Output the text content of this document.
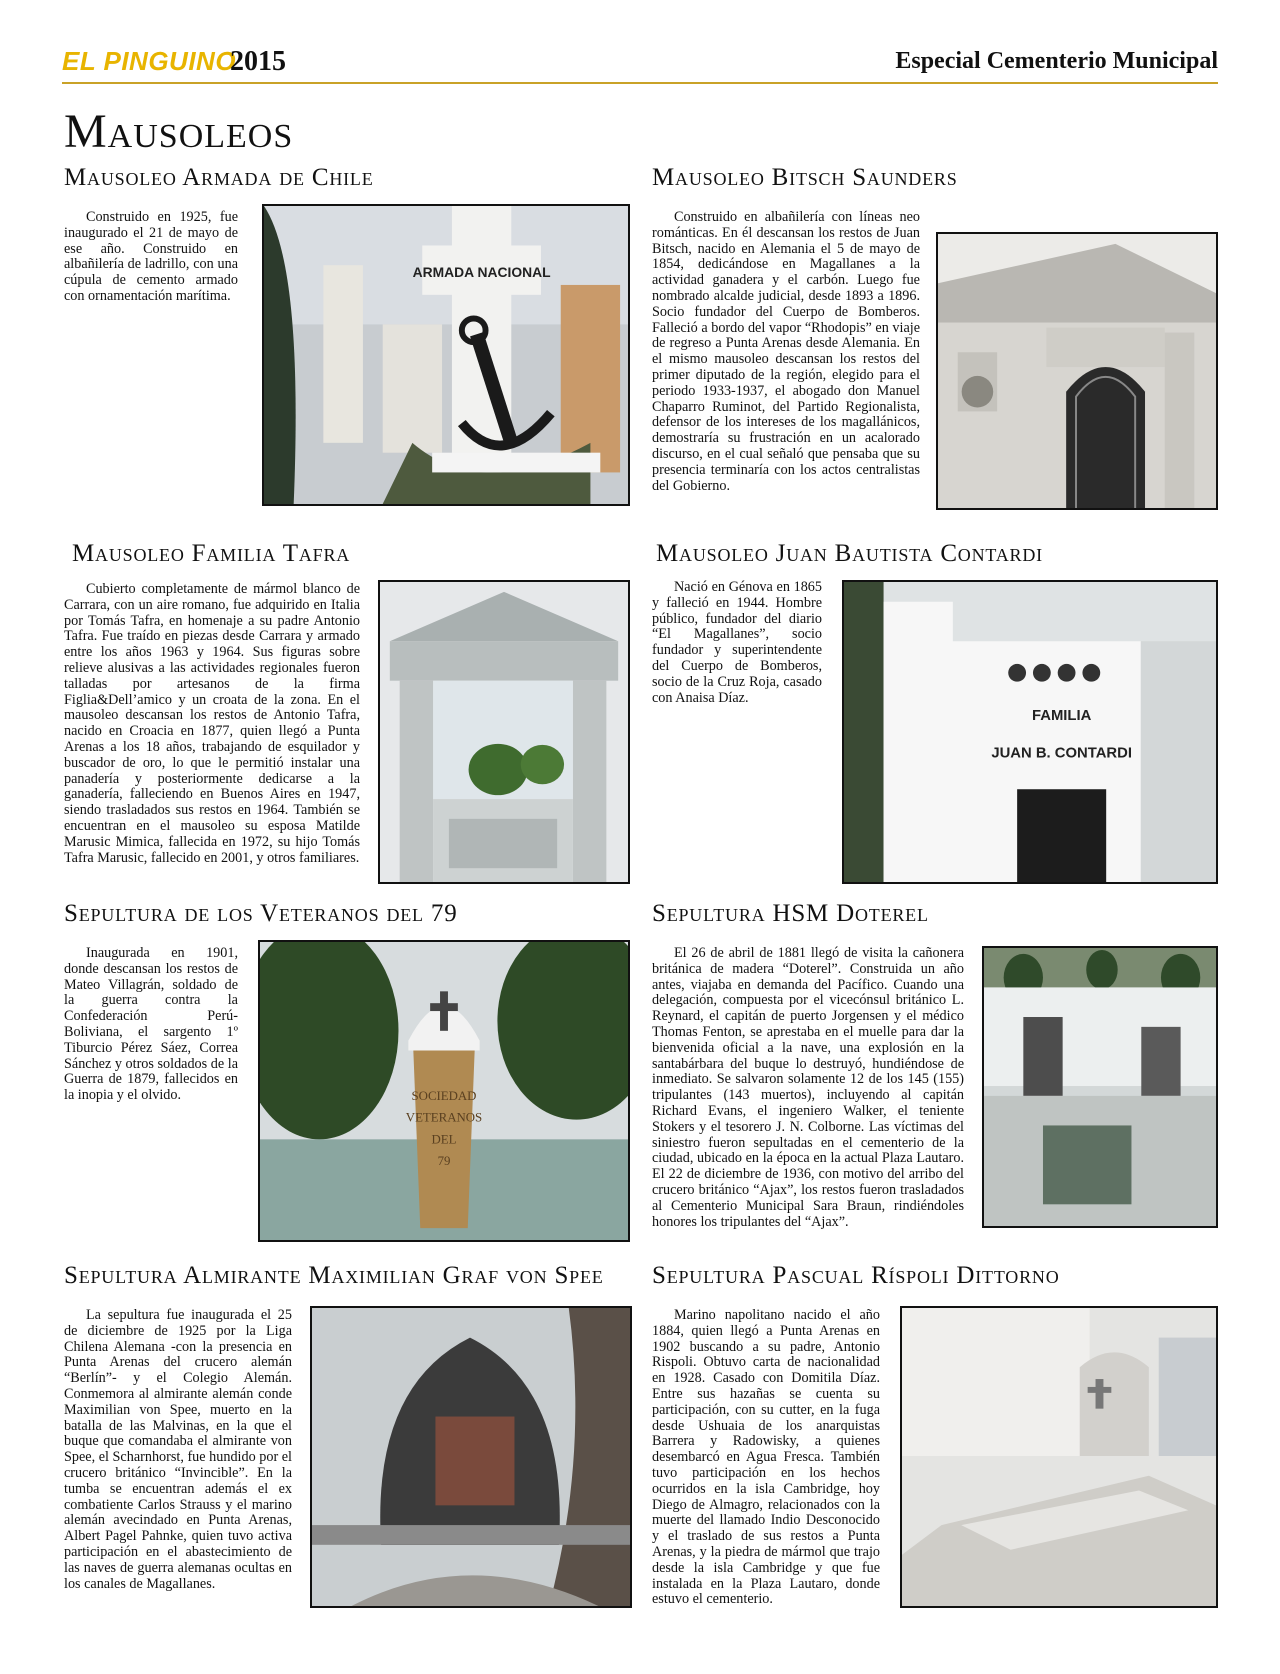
EL PINGUINO
2015	Especial Cementerio Municipal
Mausoleos
Mausoleo Armada de Chile

Construido en 1925, fue inaugurado el 21 de mayo de ese año. Construido en albañilería de ladrillo, con una cúpula de cemento armado con ornamentación marítima.

ARMADA NACIONAL
Mausoleo Bitsch Saunders

Construido en albañilería con líneas neo románticas. En él descansan los restos de Juan Bitsch, nacido en Alemania el 5 de mayo de 1854, dedicándose en Magallanes a la actividad ganadera y el carbón. Luego fue nombrado alcalde judicial, desde 1893 a 1896. Socio fundador del Cuerpo de Bomberos. Falleció a bordo del vapor “Rhodopis” en viaje de regreso a Punta Arenas desde Alemania. En el mismo mausoleo descansan los restos del primer diputado de la región, elegido para el periodo 1933-1937, el abogado don Manuel Chaparro Ruminot, del Partido Regionalista, defensor de los intereses de los magallánicos, demostraría su frustración en un acalorado discurso, en el cual señaló que pensaba que su presencia terminaría con los actos centralistas del Gobierno.

Mausoleo Familia Tafra

Cubierto completamente de mármol blanco de Carrara, con un aire romano, fue adquirido en Italia por Tomás Tafra, en homenaje a su padre Antonio Tafra. Fue traído en piezas desde Carrara y armado entre los años 1963 y 1964. Sus figuras sobre relieve alusivas a las actividades regionales fueron talladas por artesanos de la firma Figlia&Dell’amico y un croata de la zona. En el mausoleo descansan los restos de Antonio Tafra, nacido en Croacia en 1877, quien llegó a Punta Arenas a los 18 años, trabajando de esquilador y buscador de oro, lo que le permitió instalar una panadería y posteriormente dedicarse a la ganadería, falleciendo en Buenos Aires en 1947, siendo trasladados sus restos en 1964. También se encuentran en el mausoleo su esposa Matilde Marusic Mimica, fallecida en 1972, su hijo Tomás Tafra Marusic, fallecido en 2001, y otros familiares.

Mausoleo Juan Bautista Contardi

Nació en Génova en 1865 y falleció en 1944. Hombre público, fundador del diario “El Magallanes”, socio fundador y superintendente del Cuerpo de Bomberos, socio de la Cruz Roja, casado con Anaisa Díaz.

FAMILIA
JUAN B. CONTARDI
Sepultura de los Veteranos del 79

Inaugurada en 1901, donde descansan los restos de Mateo Villagrán, soldado de la guerra contra la Confederación Perú-Boliviana, el sargento 1º Tiburcio Pérez Sáez, Correa Sánchez y otros soldados de la Guerra de 1879, fallecidos en la inopia y el olvido.	SOCIEDAD
VETERANOS
DEL
79
Sepultura HSM Doterel

El 26 de abril de 1881 llegó de visita la cañonera británica de madera “Doterel”. Construida un año antes, viajaba en demanda del Pacífico. Cuando una delegación, compuesta por el vicecónsul británico L. Reynard, el capitán de puerto Jorgensen y el médico Thomas Fenton, se aprestaba en el muelle para dar la bienvenida oficial a la nave, una explosión en la santabárbara del buque lo destruyó, hundiéndose de inmediato. Se salvaron solamente 12 de los 145 (155) tripulantes (143 muertos), incluyendo al capitán Richard Evans, el ingeniero Walker, el teniente Stokers y el tesorero J. N. Colborne. Las víctimas del siniestro fueron sepultadas en el cementerio de la ciudad, ubicado en la época en la actual Plaza Lautaro. El 22 de diciembre de 1936, con motivo del arribo del crucero británico “Ajax”, los restos fueron trasladados al Cementerio Municipal Sara Braun, rindiéndoles honores los tripulantes del “Ajax”.

Sepultura Almirante Maximilian Graf von Spee

La sepultura fue inaugurada el 25 de diciembre de 1925 por la Liga Chilena Alemana -con la presencia en Punta Arenas del crucero alemán “Berlín”- y el Colegio Alemán. Conmemora al almirante alemán conde Maximilian von Spee, muerto en la batalla de las Malvinas, en la que el buque que comandaba el almirante von Spee, el Scharnhorst, fue hundido por el crucero británico “Invincible”. En la tumba se encuentran además el ex combatiente Carlos Strauss y el marino alemán avecindado en Punta Arenas, Albert Pagel Pahnke, quien tuvo activa participación en el abastecimiento de las naves de guerra alemanas ocultas en los canales de Magallanes.

Sepultura Pascual Ríspoli Dittorno

Marino napolitano nacido el año 1884, quien llegó a Punta Arenas en 1902 buscando a su padre, Antonio Rispoli. Obtuvo carta de nacionalidad en 1928. Casado con Domitila Díaz. Entre sus hazañas se cuenta su participación, con su cutter, en la fuga desde Ushuaia de los anarquistas Barrera y Radowisky, a quienes desembarcó en Agua Fresca. También tuvo participación en los hechos ocurridos en la isla Cambridge, hoy Diego de Almagro, relacionados con la muerte del llamado Indio Desconocido y el traslado de sus restos a Punta Arenas, y la piedra de mármol que trajo desde la isla Cambridge y que fue instalada en la Plaza Lautaro, donde estuvo el cementerio.
